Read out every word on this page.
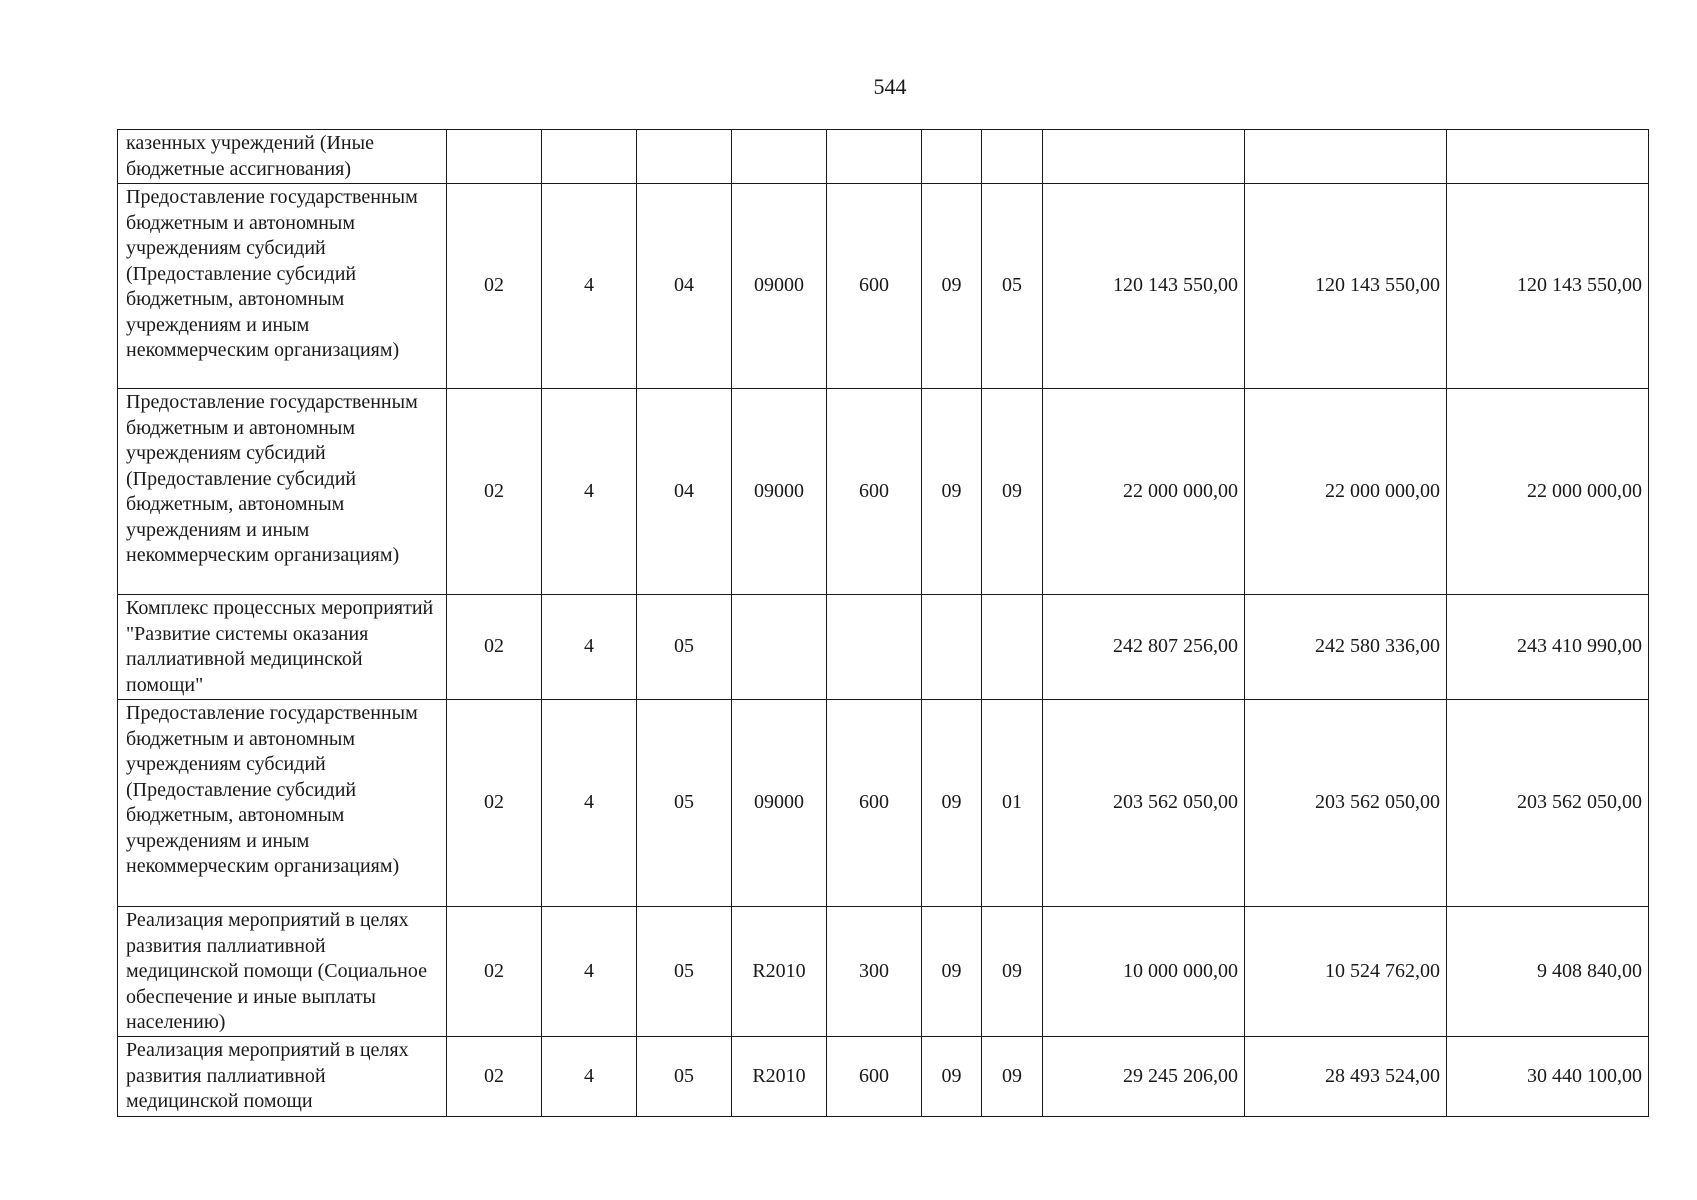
544
казенных учреждений (Иные бюджетные ассигнования)										
Предоставление государственным бюджетным и автономным учреждениям субсидий (Предоставление субсидий бюджетным, автономным учреждениям и иным некоммерческим организациям)	02	4	04	09000	600	09	05	120 143 550,00	120 143 550,00	120 143 550,00
Предоставление государственным бюджетным и автономным учреждениям субсидий (Предоставление субсидий бюджетным, автономным учреждениям и иным некоммерческим организациям)	02	4	04	09000	600	09	09	22 000 000,00	22 000 000,00	22 000 000,00
Комплекс процессных мероприятий "Развитие системы оказания паллиативной медицинской помощи"	02	4	05					242 807 256,00	242 580 336,00	243 410 990,00
Предоставление государственным бюджетным и автономным учреждениям субсидий (Предоставление субсидий бюджетным, автономным учреждениям и иным некоммерческим организациям)	02	4	05	09000	600	09	01	203 562 050,00	203 562 050,00	203 562 050,00
Реализация мероприятий в целях развития паллиативной медицинской помощи (Социальное обеспечение и иные выплаты населению)	02	4	05	R2010	300	09	09	10 000 000,00	10 524 762,00	9 408 840,00
Реализация мероприятий в целях развития паллиативной медицинской помощи	02	4	05	R2010	600	09	09	29 245 206,00	28 493 524,00	30 440 100,00
